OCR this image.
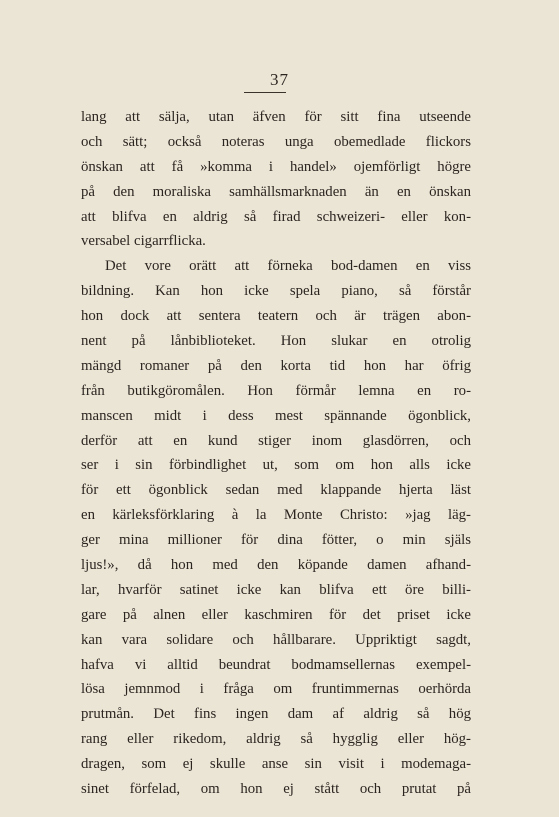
37
lang att sälja, utan äfven för sitt fina utseende
och sätt; också noteras unga obemedlade flickors
önskan att få »komma i handel» ojemförligt högre
på den moraliska samhällsmarknaden än en önskan
att blifva en aldrig så firad schweizeri- eller kon-
versabel cigarrflicka.
Det vore orätt att förneka bod-damen en viss
bildning. Kan hon icke spela piano, så förstår
hon dock att sentera teatern och är trägen abon-
nent på lånbiblioteket. Hon slukar en otrolig
mängd romaner på den korta tid hon har öfrig
från butikgöromålen. Hon förmår lemna en ro-
manscen midt i dess mest spännande ögonblick,
derför att en kund stiger inom glasdörren, och
ser i sin förbindlighet ut, som om hon alls icke
för ett ögonblick sedan med klappande hjerta läst
en kärleksförklaring à la Monte Christo: »jag läg-
ger mina millioner för dina fötter, o min själs
ljus!», då hon med den köpande damen afhand-
lar, hvarför satinet icke kan blifva ett öre billi-
gare på alnen eller kaschmiren för det priset icke
kan vara solidare och hållbarare. Uppriktigt sagdt,
hafva vi alltid beundrat bodmamsellernas exempel-
lösa jemnmod i fråga om fruntimmernas oerhörda
prutmån. Det fins ingen dam af aldrig så hög
rang eller rikedom, aldrig så hygglig eller hög-
dragen, som ej skulle anse sin visit i modemaga-
sinet förfelad, om hon ej stått och prutat på
